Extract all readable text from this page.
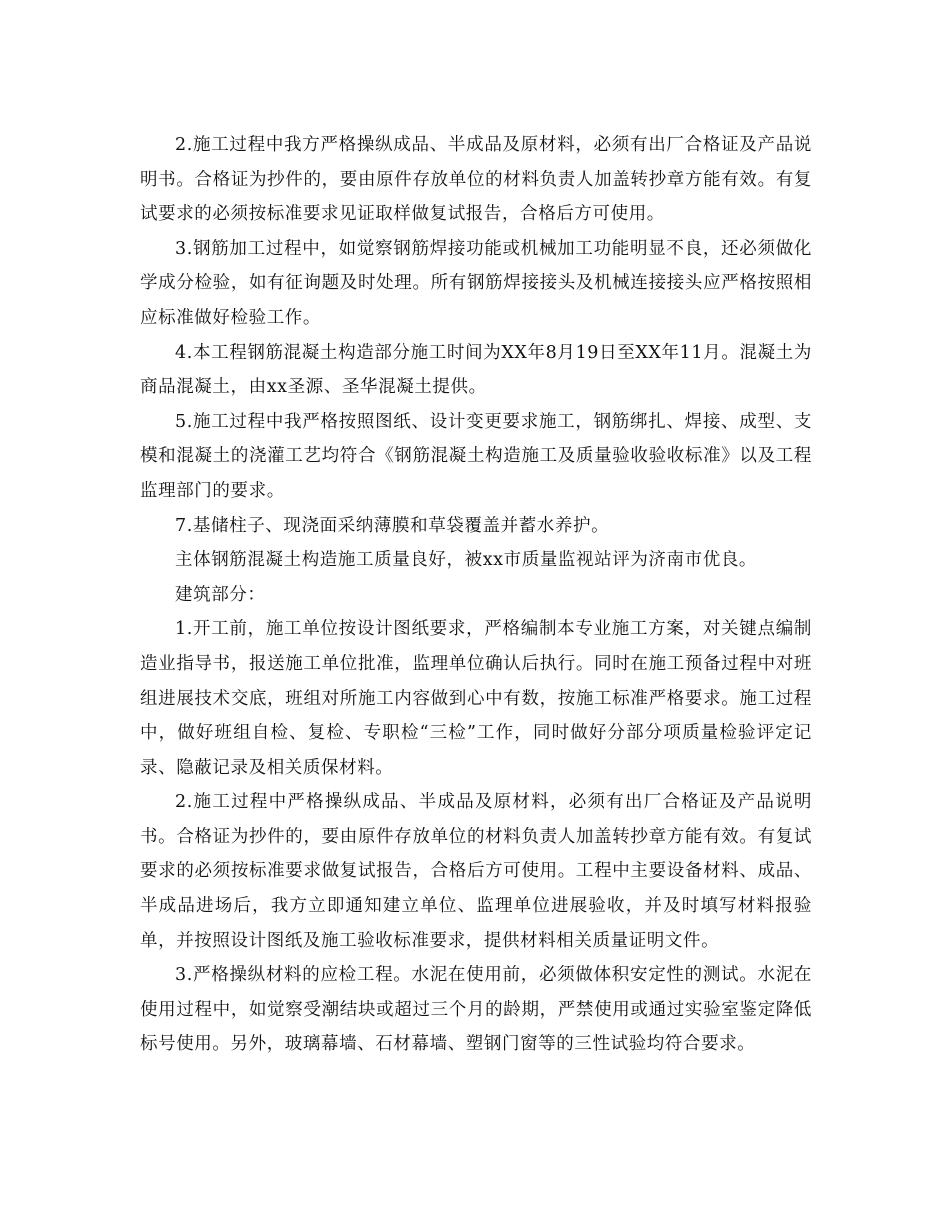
2.施工过程中我方严格操纵成品、半成品及原材料，必须有出厂合格证及产品说明书。合格证为抄件的，要由原件存放单位的材料负责人加盖转抄章方能有效。有复试要求的必须按标准要求见证取样做复试报告，合格后方可使用。

3.钢筋加工过程中，如觉察钢筋焊接功能或机械加工功能明显不良，还必须做化学成分检验，如有征询题及时处理。所有钢筋焊接接头及机械连接接头应严格按照相应标准做好检验工作。

4.本工程钢筋混凝土构造部分施工时间为XX年8月19日至XX年11月。混凝土为商品混凝土，由xx圣源、圣华混凝土提供。

5.施工过程中我严格按照图纸、设计变更要求施工，钢筋绑扎、焊接、成型、支模和混凝土的浇灌工艺均符合《钢筋混凝土构造施工及质量验收验收标准》以及工程监理部门的要求。

7.基储柱子、现浇面采纳薄膜和草袋覆盖并蓄水养护。

主体钢筋混凝土构造施工质量良好，被xx市质量监视站评为济南市优良。

建筑部分：

1.开工前，施工单位按设计图纸要求，严格编制本专业施工方案，对关键点编制造业指导书，报送施工单位批准，监理单位确认后执行。同时在施工预备过程中对班组进展技术交底，班组对所施工内容做到心中有数，按施工标准严格要求。施工过程中，做好班组自检、复检、专职检“三检”工作，同时做好分部分项质量检验评定记录、隐蔽记录及相关质保材料。

2.施工过程中严格操纵成品、半成品及原材料，必须有出厂合格证及产品说明书。合格证为抄件的，要由原件存放单位的材料负责人加盖转抄章方能有效。有复试要求的必须按标准要求做复试报告，合格后方可使用。工程中主要设备材料、成品、半成品进场后，我方立即通知建立单位、监理单位进展验收，并及时填写材料报验单，并按照设计图纸及施工验收标准要求，提供材料相关质量证明文件。

3.严格操纵材料的应检工程。水泥在使用前，必须做体积安定性的测试。水泥在使用过程中，如觉察受潮结块或超过三个月的龄期，严禁使用或通过实验室鉴定降低标号使用。另外，玻璃幕墙、石材幕墙、塑钢门窗等的三性试验均符合要求。
